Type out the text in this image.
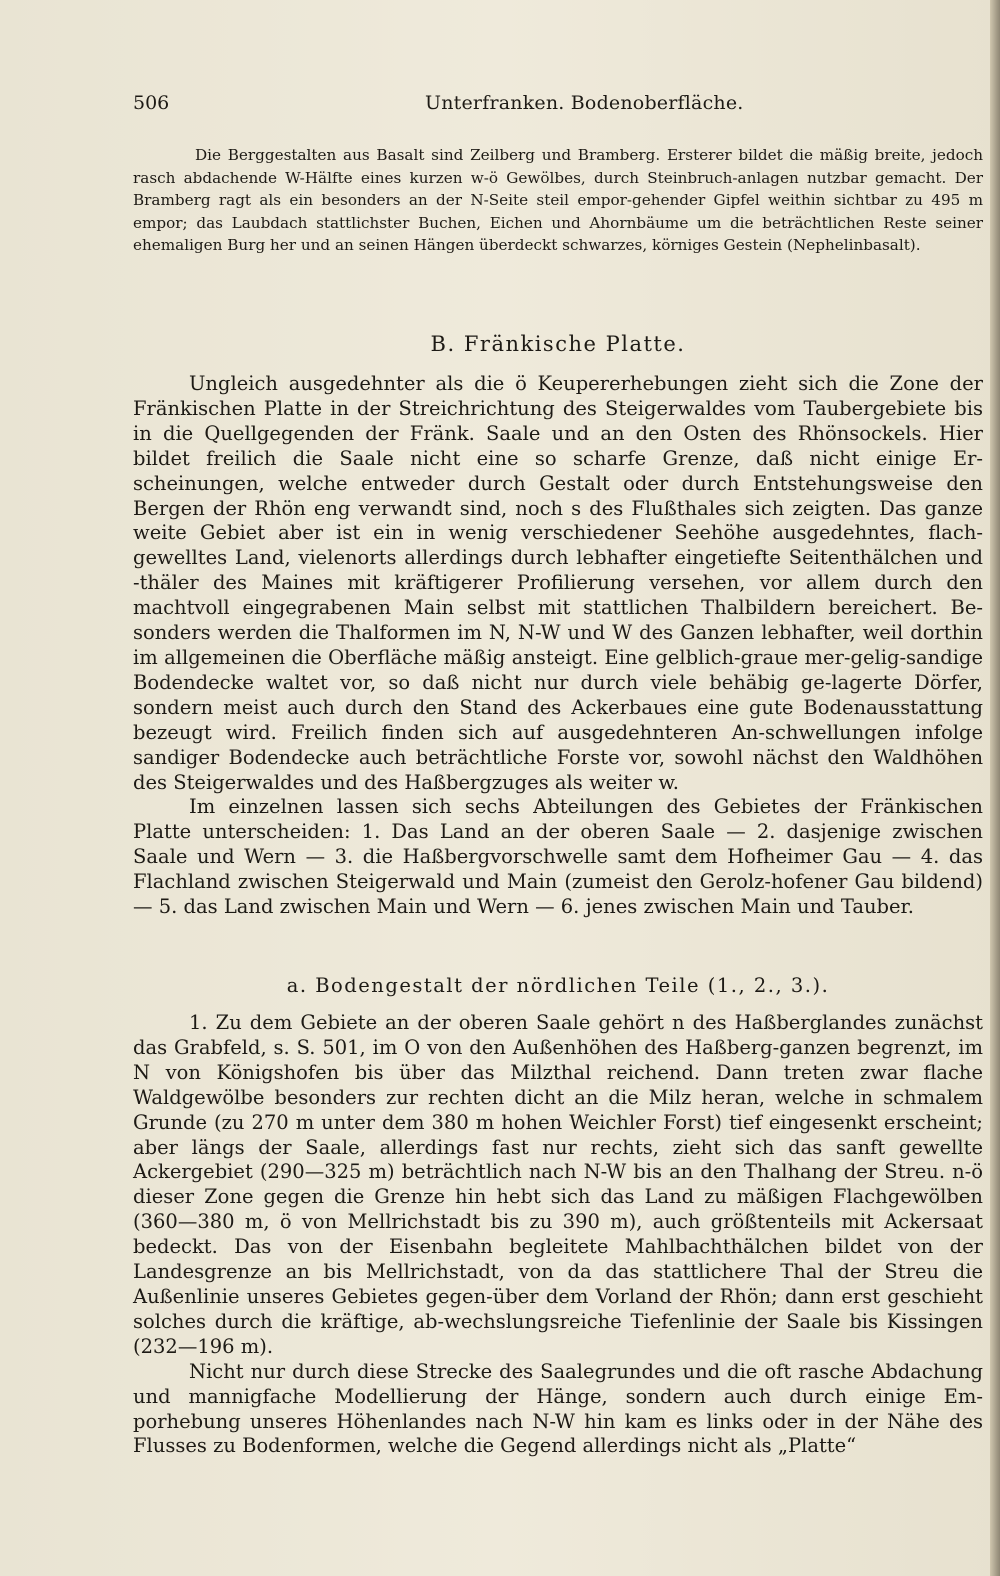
506	Unterfranken. Bodenoberfläche.

Die Berggestalten aus Basalt sind Zeilberg und Bramberg. Ersterer bildet die mäßig breite, jedoch rasch abdachende W-Hälfte eines kurzen w-ö Gewölbes, durch Steinbruch-anlagen nutzbar gemacht. Der Bramberg ragt als ein besonders an der N-Seite steil empor-gehender Gipfel weithin sichtbar zu 495 m empor; das Laubdach stattlichster Buchen, Eichen und Ahornbäume um die beträchtlichen Reste seiner ehemaligen Burg her und an seinen Hängen überdeckt schwarzes, körniges Gestein (Nephelinbasalt).

B. Fränkische Platte.

Ungleich ausgedehnter als die ö Keupererhebungen zieht sich die Zone der Fränkischen Platte in der Streichrichtung des Steigerwaldes vom Taubergebiete bis in die Quellgegenden der Fränk. Saale und an den Osten des Rhönsockels. Hier bildet freilich die Saale nicht eine so scharfe Grenze, daß nicht einige Er-scheinungen, welche entweder durch Gestalt oder durch Entstehungsweise den Bergen der Rhön eng verwandt sind, noch s des Flußthales sich zeigten. Das ganze weite Gebiet aber ist ein in wenig verschiedener Seehöhe ausgedehntes, flach-gewelltes Land, vielenorts allerdings durch lebhafter eingetiefte Seitenthälchen und -thäler des Maines mit kräftigerer Profilierung versehen, vor allem durch den machtvoll eingegrabenen Main selbst mit stattlichen Thalbildern bereichert. Be-sonders werden die Thalformen im N, N-W und W des Ganzen lebhafter, weil dorthin im allgemeinen die Oberfläche mäßig ansteigt. Eine gelblich-graue mer-gelig-sandige Bodendecke waltet vor, so daß nicht nur durch viele behäbig ge-lagerte Dörfer, sondern meist auch durch den Stand des Ackerbaues eine gute Bodenausstattung bezeugt wird. Freilich finden sich auf ausgedehnteren An-schwellungen infolge sandiger Bodendecke auch beträchtliche Forste vor, sowohl nächst den Waldhöhen des Steigerwaldes und des Haßbergzuges als weiter w.

Im einzelnen lassen sich sechs Abteilungen des Gebietes der Fränkischen Platte unterscheiden: 1. Das Land an der oberen Saale — 2. dasjenige zwischen Saale und Wern — 3. die Haßbergvorschwelle samt dem Hofheimer Gau — 4. das Flachland zwischen Steigerwald und Main (zumeist den Gerolz-hofener Gau bildend) — 5. das Land zwischen Main und Wern — 6. jenes zwischen Main und Tauber.

a. Bodengestalt der nördlichen Teile (1., 2., 3.).

1. Zu dem Gebiete an der oberen Saale gehört n des Haßberglandes zunächst das Grabfeld, s. S. 501, im O von den Außenhöhen des Haßberg-ganzen begrenzt, im N von Königshofen bis über das Milzthal reichend. Dann treten zwar flache Waldgewölbe besonders zur rechten dicht an die Milz heran, welche in schmalem Grunde (zu 270 m unter dem 380 m hohen Weichler Forst) tief eingesenkt erscheint; aber längs der Saale, allerdings fast nur rechts, zieht sich das sanft gewellte Ackergebiet (290—325 m) beträchtlich nach N-W bis an den Thalhang der Streu. n-ö dieser Zone gegen die Grenze hin hebt sich das Land zu mäßigen Flachgewölben (360—380 m, ö von Mellrichstadt bis zu 390 m), auch größtenteils mit Ackersaat bedeckt. Das von der Eisenbahn begleitete Mahlbachthälchen bildet von der Landesgrenze an bis Mellrichstadt, von da das stattlichere Thal der Streu die Außenlinie unseres Gebietes gegen-über dem Vorland der Rhön; dann erst geschieht solches durch die kräftige, ab-wechslungsreiche Tiefenlinie der Saale bis Kissingen (232—196 m).

Nicht nur durch diese Strecke des Saalegrundes und die oft rasche Abdachung und mannigfache Modellierung der Hänge, sondern auch durch einige Em-porhebung unseres Höhenlandes nach N-W hin kam es links oder in der Nähe des Flusses zu Bodenformen, welche die Gegend allerdings nicht als „Platte“
